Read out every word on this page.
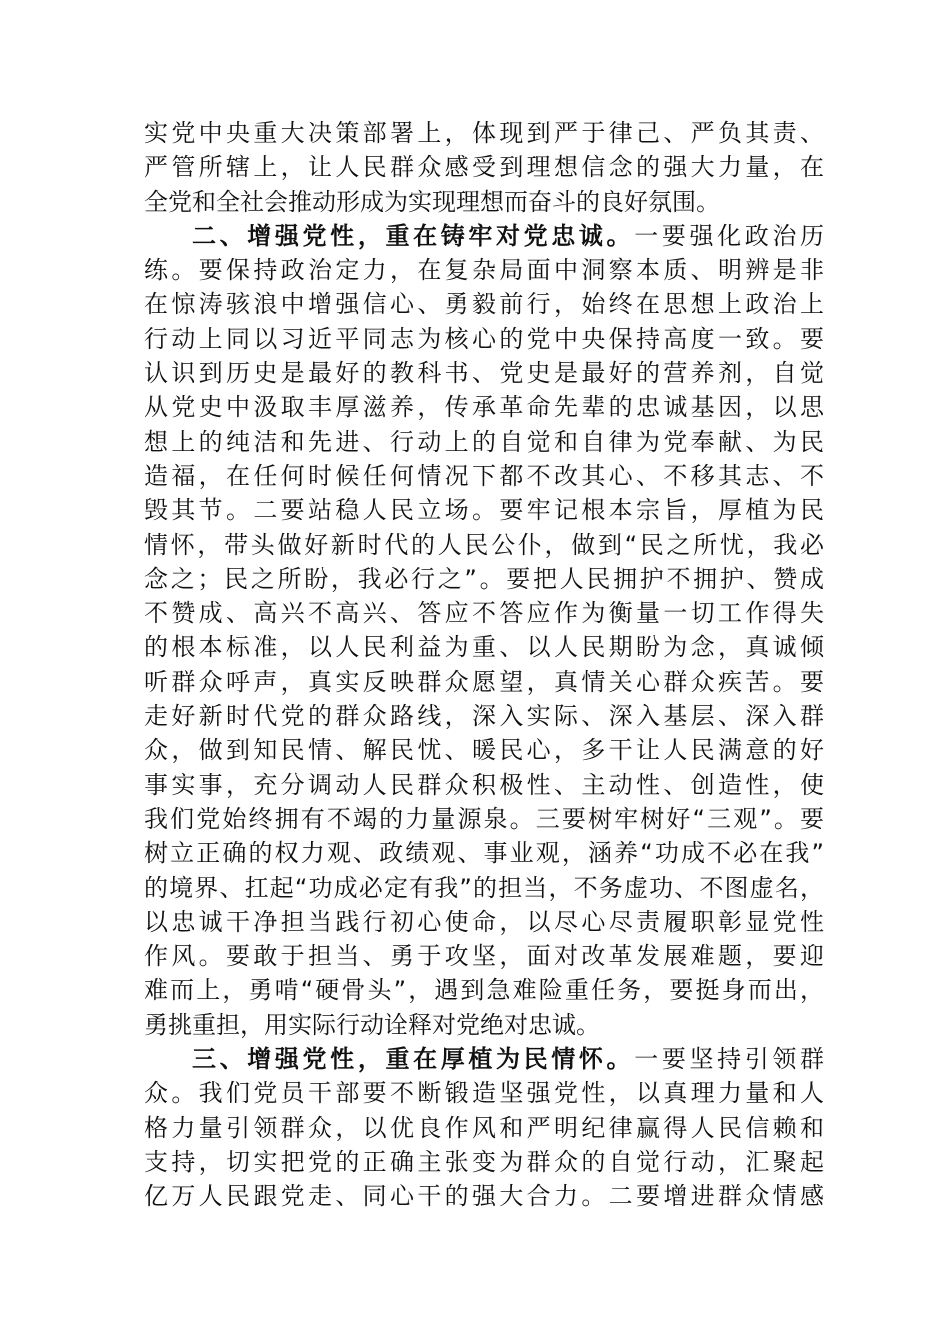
实党中央重大决策部署上，体现到严于律己、严负其责、
严管所辖上，让人民群众感受到理想信念的强大力量，在
全党和全社会推动形成为实现理想而奋斗的良好氛围。
二、增强党性，重在铸牢对党忠诚。一要强化政治历
练。要保持政治定力，在复杂局面中洞察本质、明辨是非
在惊涛骇浪中增强信心、勇毅前行，始终在思想上政治上
行动上同以习近平同志为核心的党中央保持高度一致。要
认识到历史是最好的教科书、党史是最好的营养剂，自觉
从党史中汲取丰厚滋养，传承革命先辈的忠诚基因，以思
想上的纯洁和先进、行动上的自觉和自律为党奉献、为民
造福，在任何时候任何情况下都不改其心、不移其志、不
毁其节。二要站稳人民立场。要牢记根本宗旨，厚植为民
情怀，带头做好新时代的人民公仆，做到“民之所忧，我必
念之；民之所盼，我必行之”。要把人民拥护不拥护、赞成
不赞成、高兴不高兴、答应不答应作为衡量一切工作得失
的根本标准，以人民利益为重、以人民期盼为念，真诚倾
听群众呼声，真实反映群众愿望，真情关心群众疾苦。要
走好新时代党的群众路线，深入实际、深入基层、深入群
众，做到知民情、解民忧、暖民心，多干让人民满意的好
事实事，充分调动人民群众积极性、主动性、创造性，使
我们党始终拥有不竭的力量源泉。三要树牢树好“三观”。要
树立正确的权力观、政绩观、事业观，涵养“功成不必在我”
的境界、扛起“功成必定有我”的担当，不务虚功、不图虚名，
以忠诚干净担当践行初心使命，以尽心尽责履职彰显党性
作风。要敢于担当、勇于攻坚，面对改革发展难题，要迎
难而上，勇啃“硬骨头”，遇到急难险重任务，要挺身而出，
勇挑重担，用实际行动诠释对党绝对忠诚。
三、增强党性，重在厚植为民情怀。一要坚持引领群
众。我们党员干部要不断锻造坚强党性，以真理力量和人
格力量引领群众，以优良作风和严明纪律赢得人民信赖和
支持，切实把党的正确主张变为群众的自觉行动，汇聚起
亿万人民跟党走、同心干的强大合力。二要增进群众情感
